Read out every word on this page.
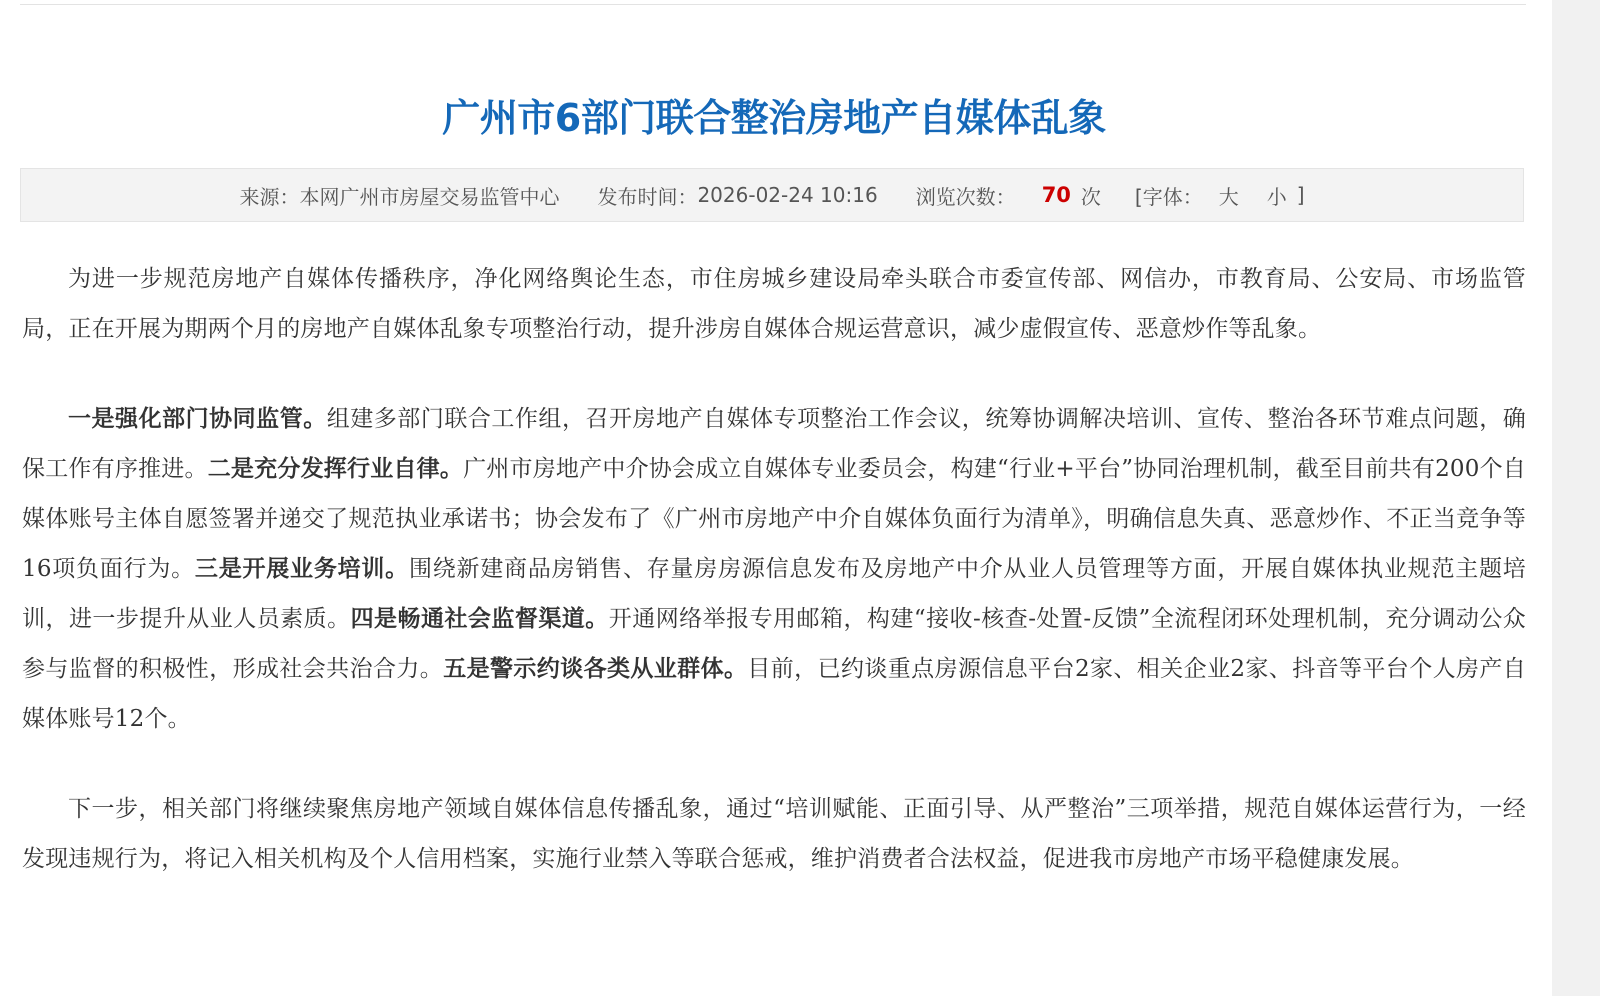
广州市6部门联合整治房地产自媒体乱象
来源： 本网广州市房屋交易监管中心 发布时间： 2026-02-24 10:16 浏览次数： 70 次 [字体： 大 小 ]

为进一步规范房地产自媒体传播秩序，净化网络舆论生态，市住房城乡建设局牵头联合市委宣传部、网信办，市教育局、公安局、市场监管局，正在开展为期两个月的房地产自媒体乱象专项整治行动，提升涉房自媒体合规运营意识，减少虚假宣传、恶意炒作等乱象。

一是强化部门协同监管。组建多部门联合工作组，召开房地产自媒体专项整治工作会议，统筹协调解决培训、宣传、整治各环节难点问题，确保工作有序推进。二是充分发挥行业自律。广州市房地产中介协会成立自媒体专业委员会，构建“行业+平台”协同治理机制，截至目前共有200个自媒体账号主体自愿签署并递交了规范执业承诺书；协会发布了《广州市房地产中介自媒体负面行为清单》，明确信息失真、恶意炒作、不正当竞争等16项负面行为。三是开展业务培训。围绕新建商品房销售、存量房房源信息发布及房地产中介从业人员管理等方面，开展自媒体执业规范主题培训，进一步提升从业人员素质。四是畅通社会监督渠道。开通网络举报专用邮箱，构建“接收-核查-处置-反馈”全流程闭环处理机制，充分调动公众参与监督的积极性，形成社会共治合力。五是警示约谈各类从业群体。目前，已约谈重点房源信息平台2家、相关企业2家、抖音等平台个人房产自媒体账号12个。

下一步，相关部门将继续聚焦房地产领域自媒体信息传播乱象，通过“培训赋能、正面引导、从严整治”三项举措，规范自媒体运营行为，一经发现违规行为，将记入相关机构及个人信用档案，实施行业禁入等联合惩戒，维护消费者合法权益，促进我市房地产市场平稳健康发展。
